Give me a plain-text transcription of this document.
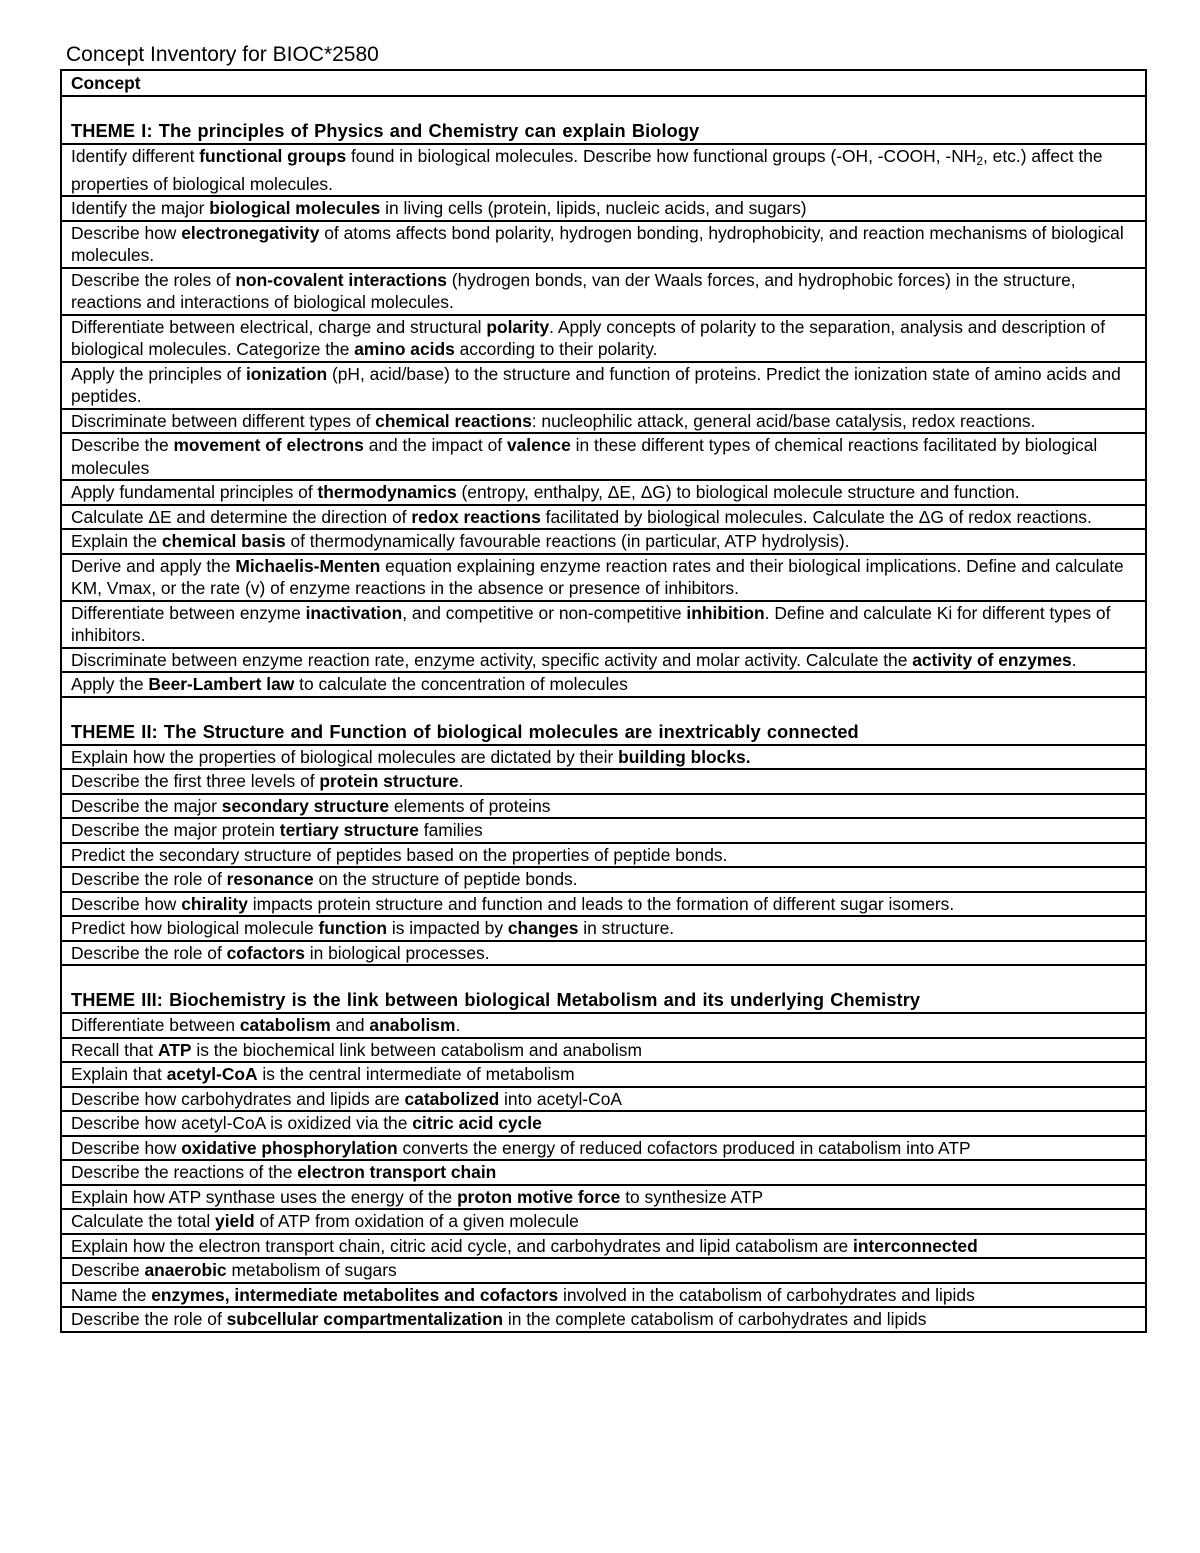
Concept Inventory for BIOC*2580
Concept
THEME I: The principles of Physics and Chemistry can explain Biology
Identify different functional groups found in biological molecules. Describe how functional groups (-OH, -COOH, $-NH_2$, etc.) affect the properties of biological molecules.
Identify the major biological molecules in living cells (protein, lipids, nucleic acids, and sugars)
Describe how electronegativity of atoms affects bond polarity, hydrogen bonding, hydrophobicity, and reaction mechanisms of biological molecules.
Describe the roles of non-covalent interactions (hydrogen bonds, van der Waals forces, and hydrophobic forces) in the structure, reactions and interactions of biological molecules.
Differentiate between electrical, charge and structural polarity. Apply concepts of polarity to the separation, analysis and description of biological molecules. Categorize the amino acids according to their polarity.
Apply the principles of ionization (pH, acid/base) to the structure and function of proteins. Predict the ionization state of amino acids and peptides.
Discriminate between different types of chemical reactions: nucleophilic attack, general acid/base catalysis, redox reactions.
Describe the movement of electrons and the impact of valence in these different types of chemical reactions facilitated by biological molecules
Apply fundamental principles of thermodynamics (entropy, enthalpy, ΔE, ΔG) to biological molecule structure and function.
Calculate ΔE and determine the direction of redox reactions facilitated by biological molecules. Calculate the ΔG of redox reactions.
Explain the chemical basis of thermodynamically favourable reactions (in particular, ATP hydrolysis).
Derive and apply the Michaelis-Menten equation explaining enzyme reaction rates and their biological implications. Define and calculate KM, Vmax, or the rate (v) of enzyme reactions in the absence or presence of inhibitors.
Differentiate between enzyme inactivation, and competitive or non-competitive inhibition. Define and calculate Ki for different types of inhibitors.
Discriminate between enzyme reaction rate, enzyme activity, specific activity and molar activity. Calculate the activity of enzymes.
Apply the Beer-Lambert law to calculate the concentration of molecules
THEME II: The Structure and Function of biological molecules are inextricably connected
Explain how the properties of biological molecules are dictated by their building blocks.
Describe the first three levels of protein structure.
Describe the major secondary structure elements of proteins
Describe the major protein tertiary structure families
Predict the secondary structure of peptides based on the properties of peptide bonds.
Describe the role of resonance on the structure of peptide bonds.
Describe how chirality impacts protein structure and function and leads to the formation of different sugar isomers.
Predict how biological molecule function is impacted by changes in structure.
Describe the role of cofactors in biological processes.
THEME III: Biochemistry is the link between biological Metabolism and its underlying Chemistry
Differentiate between catabolism and anabolism.
Recall that ATP is the biochemical link between catabolism and anabolism
Explain that acetyl-CoA is the central intermediate of metabolism
Describe how carbohydrates and lipids are catabolized into acetyl-CoA
Describe how acetyl-CoA is oxidized via the citric acid cycle
Describe how oxidative phosphorylation converts the energy of reduced cofactors produced in catabolism into ATP
Describe the reactions of the electron transport chain
Explain how ATP synthase uses the energy of the proton motive force to synthesize ATP
Calculate the total yield of ATP from oxidation of a given molecule
Explain how the electron transport chain, citric acid cycle, and carbohydrates and lipid catabolism are interconnected
Describe anaerobic metabolism of sugars
Name the enzymes, intermediate metabolites and cofactors involved in the catabolism of carbohydrates and lipids
Describe the role of subcellular compartmentalization in the complete catabolism of carbohydrates and lipids
